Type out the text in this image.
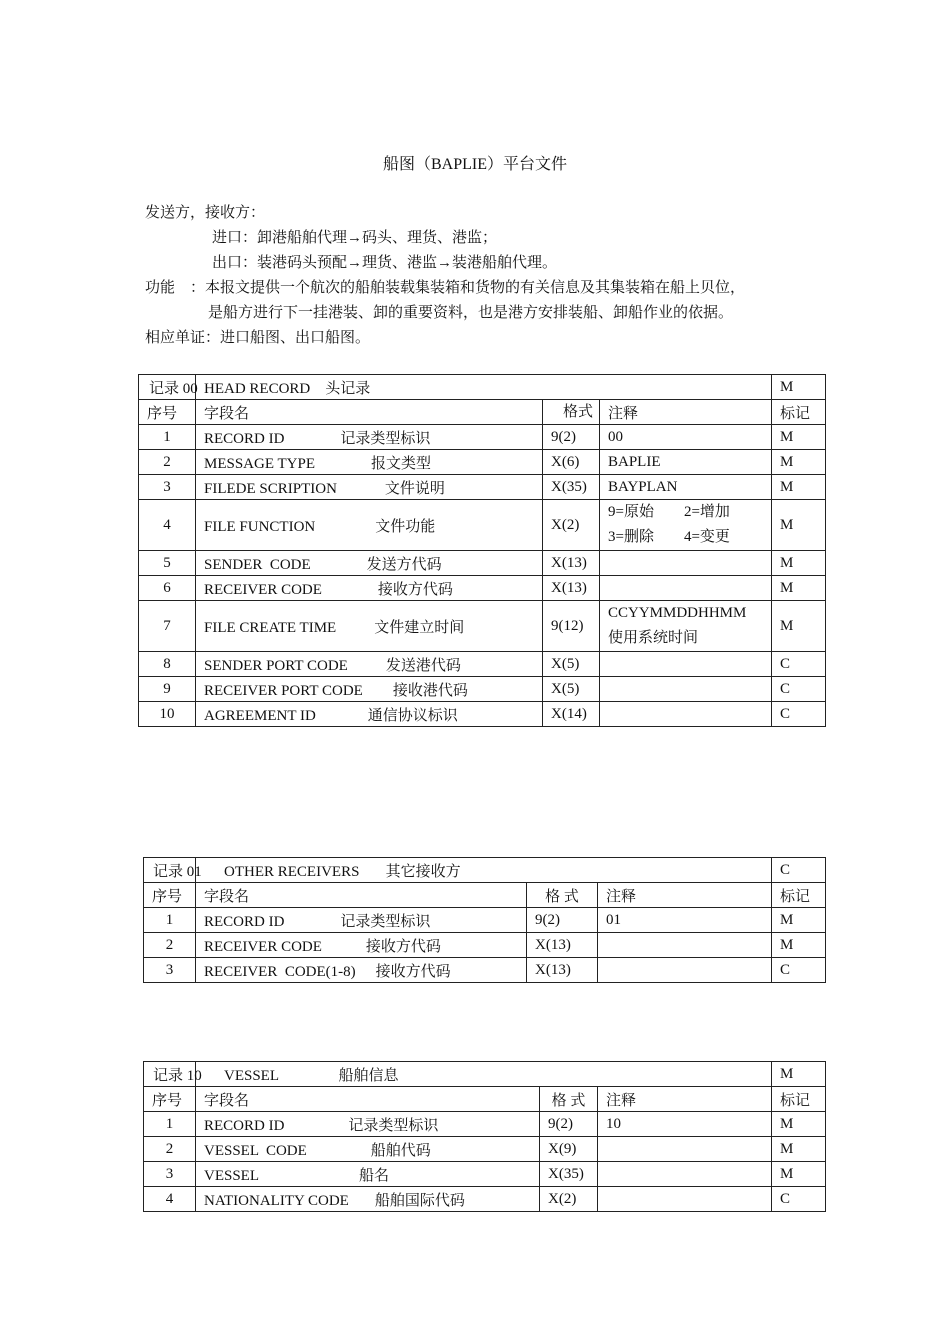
船图（BAPLIE）平台文件
发送方，接收方：
进口：卸港船舶代理→码头、理货、港监；
出口：装港码头预配→理货、港监→装港船舶代理。
功能 ：本报文提供一个航次的船舶装载集装箱和货物的有关信息及其集装箱在船上贝位，
是船方进行下一挂港装、卸的重要资料，也是港方安排装船、卸船作业的依据。
相应单证：进口船图、出口船图。
记录 00	HEAD RECORD    头记录			M
序号	字段名	格式	注释	标记
1	RECORD ID 记录类型标识	9(2)	00	M
2	MESSAGE TYPE 报文类型	X(6)	BAPLIE	M
3	FILEDE SCRIPTION 文件说明	X(35)	BAYPLAN	M
4	FILE FUNCTION 文件功能	X(2)	9=原始 2=增加
3=删除 4=变更	M
5	SENDER  CODE 发送方代码	X(13)		M
6	RECEIVER CODE 接收方代码	X(13)		M
7	FILE CREATE TIME 文件建立时间	9(12)	CCYYMMDDHHMM
使用系统时间	M
8	SENDER PORT CODE 发送港代码	X(5)		C
9	RECEIVER PORT CODE 接收港代码	X(5)		C
10	AGREEMENT ID 通信协议标识	X(14)		C
记录 01	OTHER RECEIVERS       其它接收方			C
序号	字段名	格 式	注释	标记
1	RECORD ID 记录类型标识	9(2)	01	M
2	RECEIVER CODE 接收方代码	X(13)		M
3	RECEIVER  CODE(1-8) 接收方代码	X(13)		C
记录 10	VESSEL                船舶信息			M
序号	字段名	格 式	注释	标记
1	RECORD ID 记录类型标识	9(2)	10	M
2	VESSEL  CODE 船舶代码	X(9)		M
3	VESSEL 船名	X(35)		M
4	NATIONALITY CODE 船舶国际代码	X(2)		C
